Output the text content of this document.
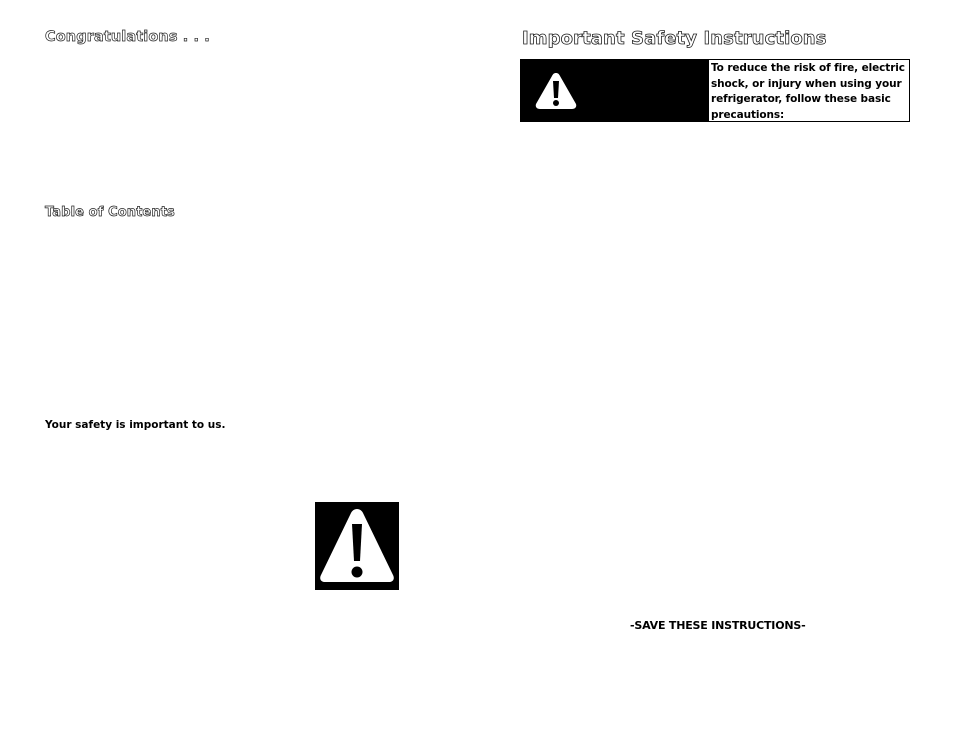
Congratulations . . .
Table of Contents

Your safety is important to us.

Important Safety Instructions
To reduce the risk of fire, electric shock, or injury when using your refrigerator, follow these basic precautions:

-SAVE THESE INSTRUCTIONS-
